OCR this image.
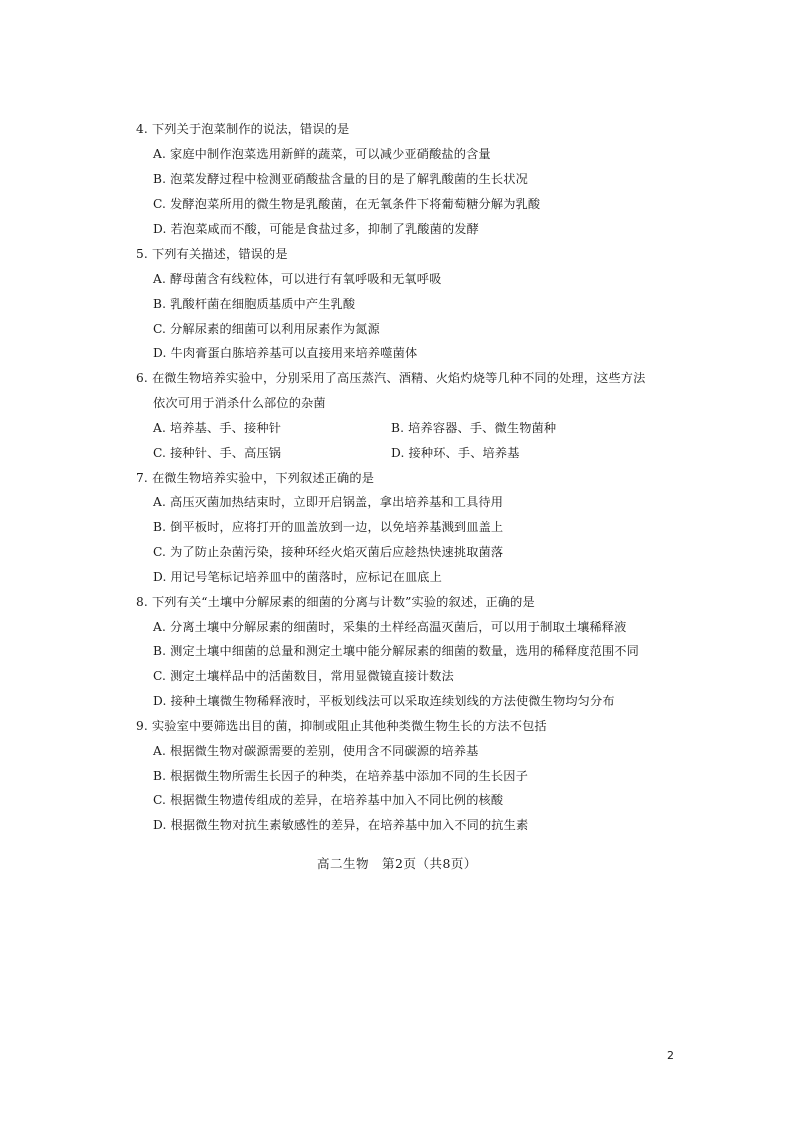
4. 下列关于泡菜制作的说法，错误的是
A. 家庭中制作泡菜选用新鲜的蔬菜，可以减少亚硝酸盐的含量
B. 泡菜发酵过程中检测亚硝酸盐含量的目的是了解乳酸菌的生长状况
C. 发酵泡菜所用的微生物是乳酸菌，在无氧条件下将葡萄糖分解为乳酸
D. 若泡菜咸而不酸，可能是食盐过多，抑制了乳酸菌的发酵
5. 下列有关描述，错误的是
A. 酵母菌含有线粒体，可以进行有氧呼吸和无氧呼吸
B. 乳酸杆菌在细胞质基质中产生乳酸
C. 分解尿素的细菌可以利用尿素作为氮源
D. 牛肉膏蛋白胨培养基可以直接用来培养噬菌体
6. 在微生物培养实验中，分别采用了高压蒸汽、酒精、火焰灼烧等几种不同的处理，这些方法
依次可用于消杀什么部位的杂菌
A. 培养基、手、接种针	B. 培养容器、手、微生物菌种
C. 接种针、手、高压锅	D. 接种环、手、培养基
7. 在微生物培养实验中，下列叙述正确的是
A. 高压灭菌加热结束时，立即开启锅盖，拿出培养基和工具待用
B. 倒平板时，应将打开的皿盖放到一边，以免培养基溅到皿盖上
C. 为了防止杂菌污染，接种环经火焰灭菌后应趁热快速挑取菌落
D. 用记号笔标记培养皿中的菌落时，应标记在皿底上
8. 下列有关“土壤中分解尿素的细菌的分离与计数”实验的叙述，正确的是
A. 分离土壤中分解尿素的细菌时，采集的土样经高温灭菌后，可以用于制取土壤稀释液
B. 测定土壤中细菌的总量和测定土壤中能分解尿素的细菌的数量，选用的稀释度范围不同
C. 测定土壤样品中的活菌数目，常用显微镜直接计数法
D. 接种土壤微生物稀释液时，平板划线法可以采取连续划线的方法使微生物均匀分布
9. 实验室中要筛选出目的菌，抑制或阻止其他种类微生物生长的方法不包括
A. 根据微生物对碳源需要的差别，使用含不同碳源的培养基
B. 根据微生物所需生长因子的种类，在培养基中添加不同的生长因子
C. 根据微生物遗传组成的差异，在培养基中加入不同比例的核酸
D. 根据微生物对抗生素敏感性的差异，在培养基中加入不同的抗生素
高二生物　第2页（共8页）
2
